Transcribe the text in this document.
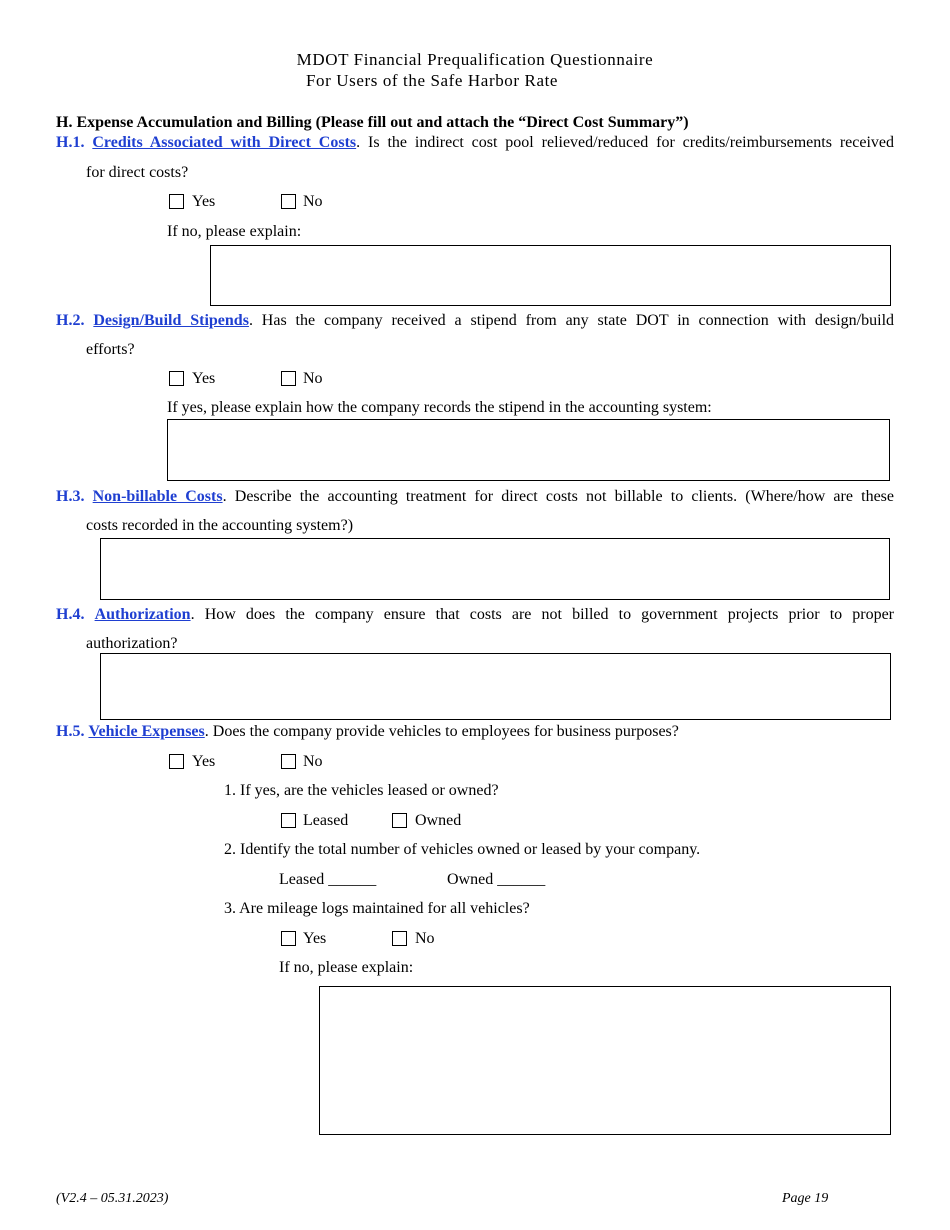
MDOT Financial Prequalification Questionnaire
For Users of the Safe Harbor Rate
H. Expense Accumulation and Billing (Please fill out and attach the “Direct Cost Summary”)
H.1. Credits Associated with Direct Costs. Is the indirect cost pool relieved/reduced for credits/reimbursements received
for direct costs?
Yes	No
If no, please explain:
H.2. Design/Build Stipends. Has the company received a stipend from any state DOT in connection with design/build
efforts?
Yes	No
If yes, please explain how the company records the stipend in the accounting system:
H.3. Non-billable Costs. Describe the accounting treatment for direct costs not billable to clients. (Where/how are these
costs recorded in the accounting system?)
H.4. Authorization. How does the company ensure that costs are not billed to government projects prior to proper
authorization?
H.5. Vehicle Expenses. Does the company provide vehicles to employees for business purposes?
Yes	No
1. If yes, are the vehicles leased or owned?
Leased	Owned
2. Identify the total number of vehicles owned or leased by your company.
Leased ______	Owned ______
3. Are mileage logs maintained for all vehicles?
Yes	No
If no, please explain:
(V2.4 – 05.31.2023)	Page 19
